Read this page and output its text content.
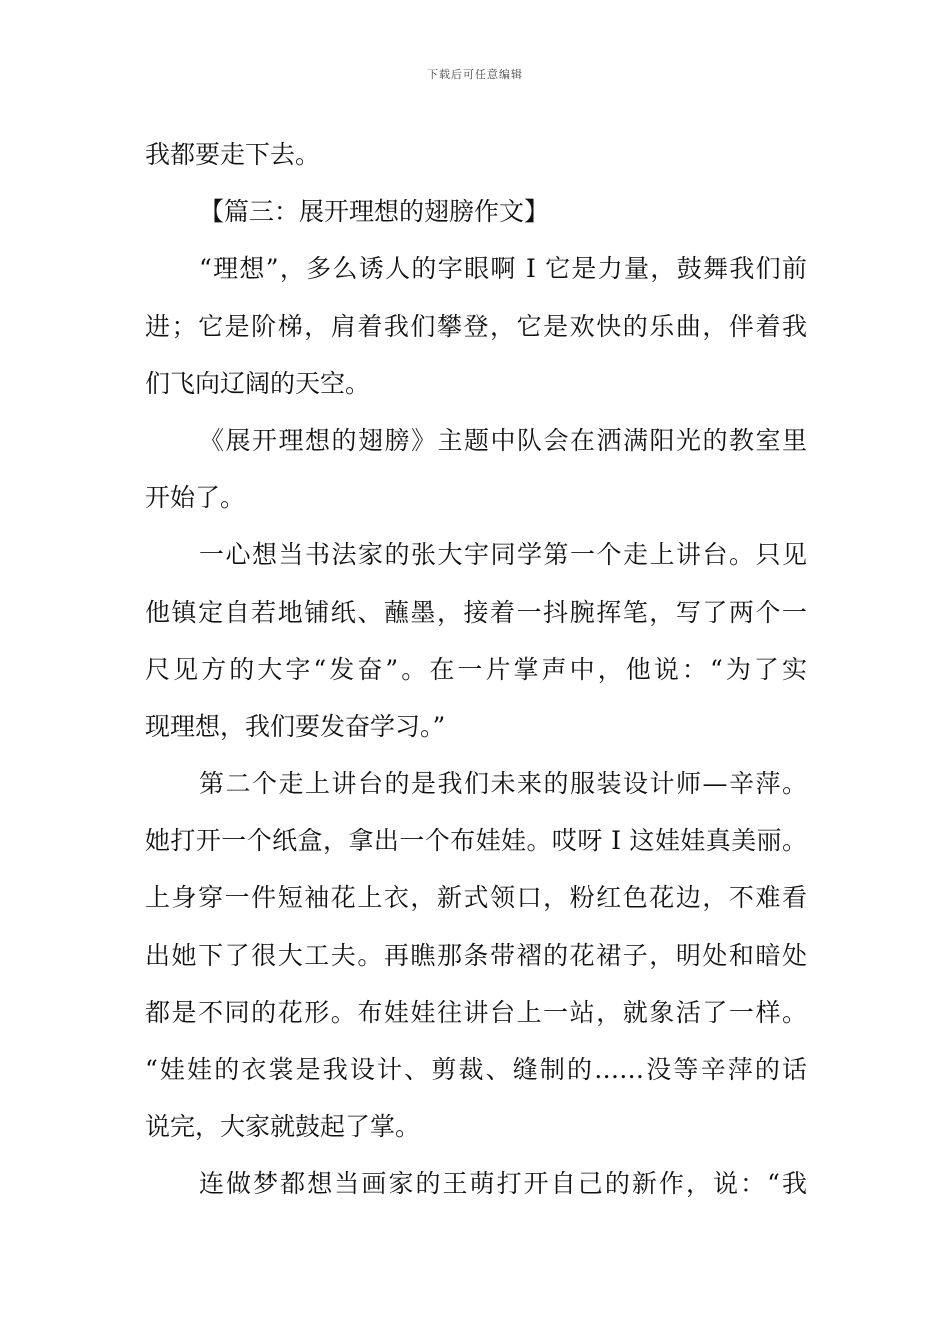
下载后可任意编辑
我都要走下去。
【篇三：展开理想的翅膀作文】
“理想”，多么诱人的字眼啊 I 它是力量，鼓舞我们前
进；它是阶梯，肩着我们攀登，它是欢快的乐曲，伴着我
们飞向辽阔的天空。
《展开理想的翅膀》主题中队会在洒满阳光的教室里
开始了。
一心想当书法家的张大宇同学第一个走上讲台。只见
他镇定自若地铺纸、蘸墨，接着一抖腕挥笔，写了两个一
尺见方的大字“发奋”。在一片掌声中，他说：“为了实
现理想，我们要发奋学习。”
第二个走上讲台的是我们未来的服装设计师—辛萍。
她打开一个纸盒，拿出一个布娃娃。哎呀 I 这娃娃真美丽。
上身穿一件短袖花上衣，新式领口，粉红色花边，不难看
出她下了很大工夫。再瞧那条带褶的花裙子，明处和暗处
都是不同的花形。布娃娃往讲台上一站，就象活了一样。
“娃娃的衣裳是我设计、剪裁、缝制的……没等辛萍的话
说完，大家就鼓起了掌。
连做梦都想当画家的王萌打开自己的新作，说：“我
